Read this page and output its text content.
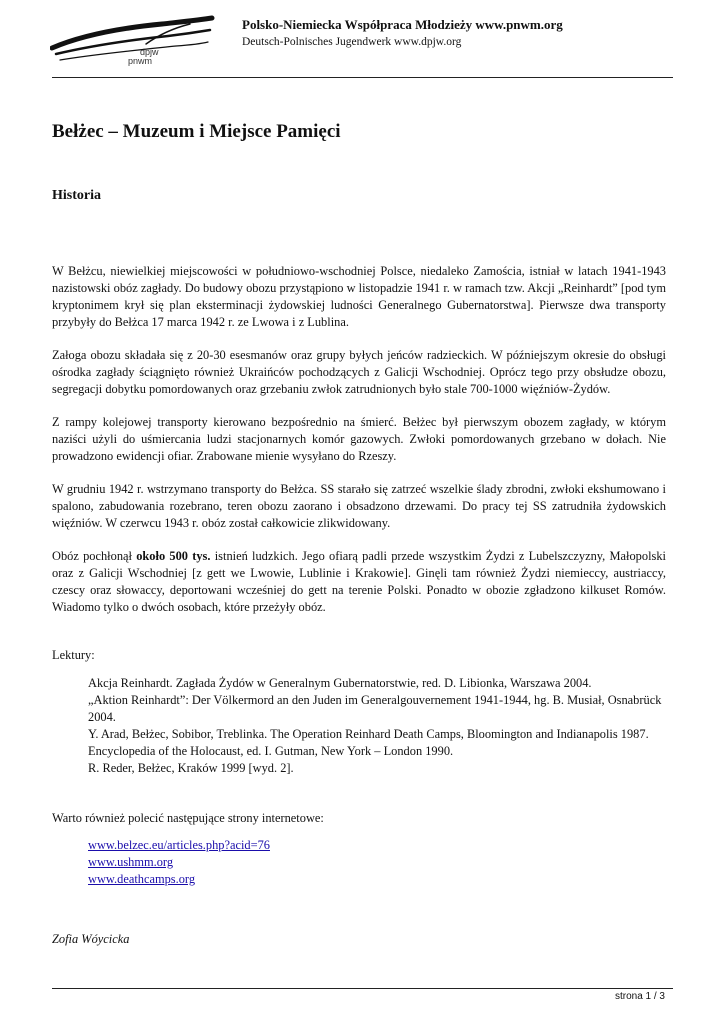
dpjw
pnwm
Polsko-Niemiecka Współpraca Młodzieży www.pnwm.org
Deutsch-Polnisches Jugendwerk www.dpjw.org
Bełżec – Muzeum i Miejsce Pamięci
Historia

W Bełżcu, niewielkiej miejscowości w południowo-wschodniej Polsce, niedaleko Zamościa, istniał w latach 1941-1943 nazistowski obóz zagłady. Do budowy obozu przystąpiono w listopadzie 1941 r. w ramach tzw. Akcji „Reinhardt” [pod tym kryptonimem krył się plan eksterminacji żydowskiej ludności Generalnego Gubernatorstwa]. Pierwsze dwa transporty przybyły do Bełżca 17 marca 1942 r. ze Lwowa i z Lublina.

Załoga obozu składała się z 20-30 esesmanów oraz grupy byłych jeńców radzieckich. W późniejszym okresie do obsługi ośrodka zagłady ściągnięto również Ukraińców pochodzących z Galicji Wschodniej. Oprócz tego przy obsłudze obozu, segregacji dobytku pomordowanych oraz grzebaniu zwłok zatrudnionych było stale 700-1000 więźniów-Żydów.

Z rampy kolejowej transporty kierowano bezpośrednio na śmierć. Bełżec był pierwszym obozem zagłady, w którym naziści użyli do uśmiercania ludzi stacjonarnych komór gazowych. Zwłoki pomordowanych grzebano w dołach. Nie prowadzono ewidencji ofiar. Zrabowane mienie wysyłano do Rzeszy.

W grudniu 1942 r. wstrzymano transporty do Bełżca. SS starało się zatrzeć wszelkie ślady zbrodni, zwłoki ekshumowano i spalono, zabudowania rozebrano, teren obozu zaorano i obsadzono drzewami. Do pracy tej SS zatrudniła żydowskich więźniów. W czerwcu 1943 r. obóz został całkowicie zlikwidowany.

Obóz pochłonął około 500 tys. istnień ludzkich. Jego ofiarą padli przede wszystkim Żydzi z Lubelszczyzny, Małopolski oraz z Galicji Wschodniej [z gett we Lwowie, Lublinie i Krakowie]. Ginęli tam również Żydzi niemieccy, austriaccy, czescy oraz słowaccy, deportowani wcześniej do gett na terenie Polski. Ponadto w obozie zgładzono kilkuset Romów. Wiadomo tylko o dwóch osobach, które przeżyły obóz.

Lektury:

Akcja Reinhardt. Zagłada Żydów w Generalnym Gubernatorstwie, red. D. Libionka, Warszawa 2004.
„Aktion Reinhardt”: Der Völkermord an den Juden im Generalgouvernement 1941-1944, hg. B. Musiał, Osnabrück 2004.
Y. Arad, Bełżec, Sobibor, Treblinka. The Operation Reinhard Death Camps, Bloomington and Indianapolis 1987.
Encyclopedia of the Holocaust, ed. I. Gutman, New York – London 1990.
R. Reder, Bełżec, Kraków 1999 [wyd. 2].

Warto również polecić następujące strony internetowe:

www.belzec.eu/articles.php?acid=76
www.ushmm.org
www.deathcamps.org

Zofia Wóycicka

strona 1 / 3
